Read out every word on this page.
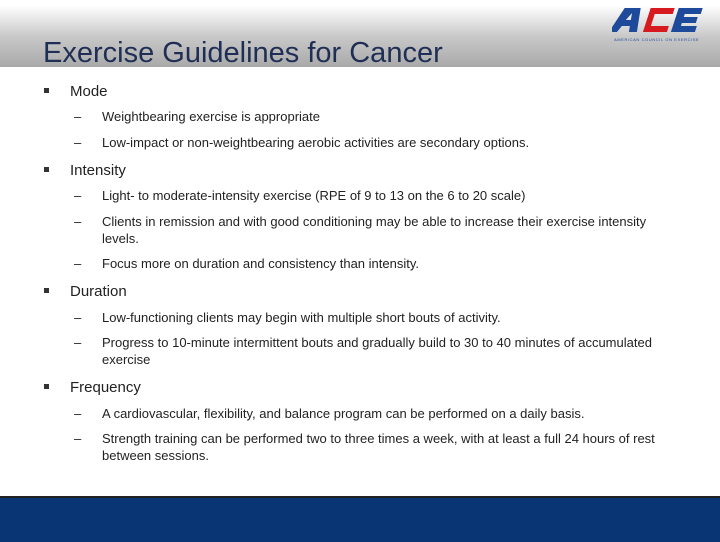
Exercise Guidelines for Cancer	AMERICAN COUNCIL ON EXERCISE
Mode
– Weightbearing exercise is appropriate
– Low-impact or non-weightbearing aerobic activities are secondary options.
Intensity
– Light- to moderate-intensity exercise (RPE of 9 to 13 on the 6 to 20 scale)
– Clients in remission and with good conditioning may be able to increase their exercise intensity levels.
– Focus more on duration and consistency than intensity.
Duration
– Low-functioning clients may begin with multiple short bouts of activity.
– Progress to 10-minute intermittent bouts and gradually build to 30 to 40 minutes of accumulated exercise
Frequency
– A cardiovascular, flexibility, and balance program can be performed on a daily basis.
– Strength training can be performed two to three times a week, with at least a full 24 hours of rest between sessions.
